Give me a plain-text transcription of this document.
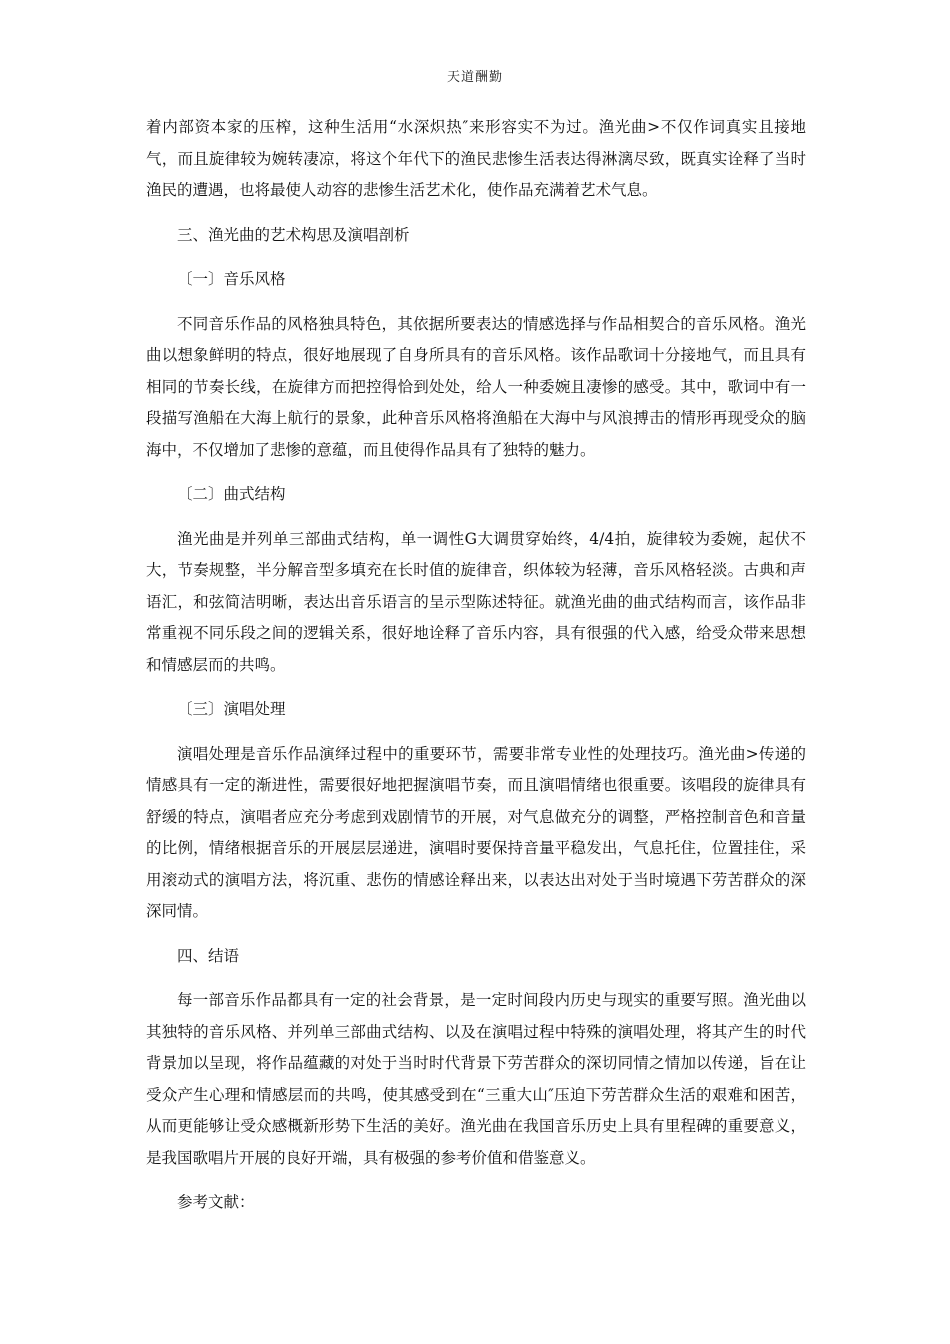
天道酬勤

着内部资本家的压榨，这种生活用“水深炽热″来形容实不为过。渔光曲>不仅作词真实且接地气，而且旋律较为婉转凄凉，将这个年代下的渔民悲惨生活表达得淋漓尽致，既真实诠释了当时渔民的遭遇，也将最使人动容的悲惨生活艺术化，使作品充满着艺术气息。

三、渔光曲的艺术构思及演唱剖析

〔一〕音乐风格

不同音乐作品的风格独具特色，其依据所要表达的情感选择与作品相契合的音乐风格。渔光曲以想象鲜明的特点，很好地展现了自身所具有的音乐风格。该作品歌词十分接地气，而且具有相同的节奏长线，在旋律方而把控得恰到处处，给人一种委婉且凄惨的感受。其中，歌词中有一段描写渔船在大海上航行的景象，此种音乐风格将渔船在大海中与风浪搏击的情形再现受众的脑海中，不仅增加了悲惨的意蕴，而且使得作品具有了独特的魅力。

〔二〕曲式结构

渔光曲是并列单三部曲式结构，单一调性G大调贯穿始终，4/4拍，旋律较为委婉，起伏不大，节奏规整，半分解音型多填充在长时值的旋律音，织体较为轻薄，音乐风格轻淡。古典和声语汇，和弦简洁明晰，表达出音乐语言的呈示型陈述特征。就渔光曲的曲式结构而言，该作品非常重视不同乐段之间的逻辑关系，很好地诠释了音乐内容，具有很强的代入感，给受众带来思想和情感层而的共鸣。

〔三〕演唱处理

演唱处理是音乐作品演绎过程中的重要环节，需要非常专业性的处理技巧。渔光曲>传递的情感具有一定的渐进性，需要很好地把握演唱节奏，而且演唱情绪也很重要。该唱段的旋律具有舒缓的特点，演唱者应充分考虑到戏剧情节的开展，对气息做充分的调整，严格控制音色和音量的比例，情绪根据音乐的开展层层递进，演唱时要保持音量平稳发出，气息托住，位置挂住，采用滚动式的演唱方法，将沉重、悲伤的情感诠释出来，以表达出对处于当时境遇下劳苦群众的深深同情。

四、结语

每一部音乐作品都具有一定的社会背景，是一定时间段内历史与现实的重要写照。渔光曲以其独特的音乐风格、并列单三部曲式结构、以及在演唱过程中特殊的演唱处理，将其产生的时代背景加以呈现，将作品蕴藏的对处于当时时代背景下劳苦群众的深切同情之情加以传递，旨在让受众产生心理和情感层而的共鸣，使其感受到在“三重大山″压迫下劳苦群众生活的艰难和困苦，从而更能够让受众感概新形势下生活的美好。渔光曲在我国音乐历史上具有里程碑的重要意义，是我国歌唱片开展的良好开端，具有极强的参考价值和借鉴意义。

参考文献：
